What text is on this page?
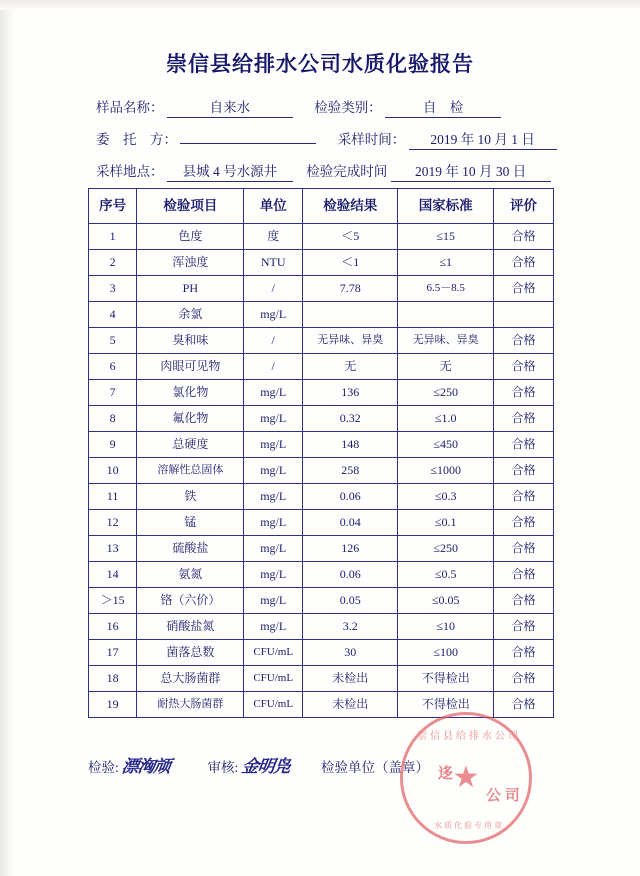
崇信县给排水公司水质化验报告
样品名称：	自来水	检验类别：	自　检
委　托　方：	采样时间： 2019 年 10 月 1 日
采样地点： 县城 4 号水源井 检验完成时间 2019 年 10 月 30 日
序号	检验项目	单位	检验结果	国家标准	评价
1	色度	度	＜5	≤15	合格
2	浑浊度	NTU	＜1	≤1	合格
3	PH	/	7.78	6.5－8.5	合格
4	余氯	mg/L			
5	臭和味	/	无异味、异臭	无异味、异臭	合格
6	肉眼可见物	/	无	无	合格
7	氯化物	mg/L	136	≤250	合格
8	氟化物	mg/L	0.32	≤1.0	合格
9	总硬度	mg/L	148	≤450	合格
10	溶解性总固体	mg/L	258	≤1000	合格
11	铁	mg/L	0.06	≤0.3	合格
12	锰	mg/L	0.04	≤0.1	合格
13	硫酸盐	mg/L	126	≤250	合格
14	氨氮	mg/L	0.06	≤0.5	合格
＞15	铬（六价）	mg/L	0.05	≤0.05	合格
16	硝酸盐氮	mg/L	3.2	≤10	合格
17	菌落总数	CFU/mL	30	≤100	合格
18	总大肠菌群	CFU/mL	未检出	不得检出	合格
19	耐热大肠菌群	CFU/mL	未检出	不得检出	合格
检验: 漂洶颃	审核: 金明凫 检验单位（盖章）
崇信县给排水公司
★
水质化验专用章
迻
公 司
